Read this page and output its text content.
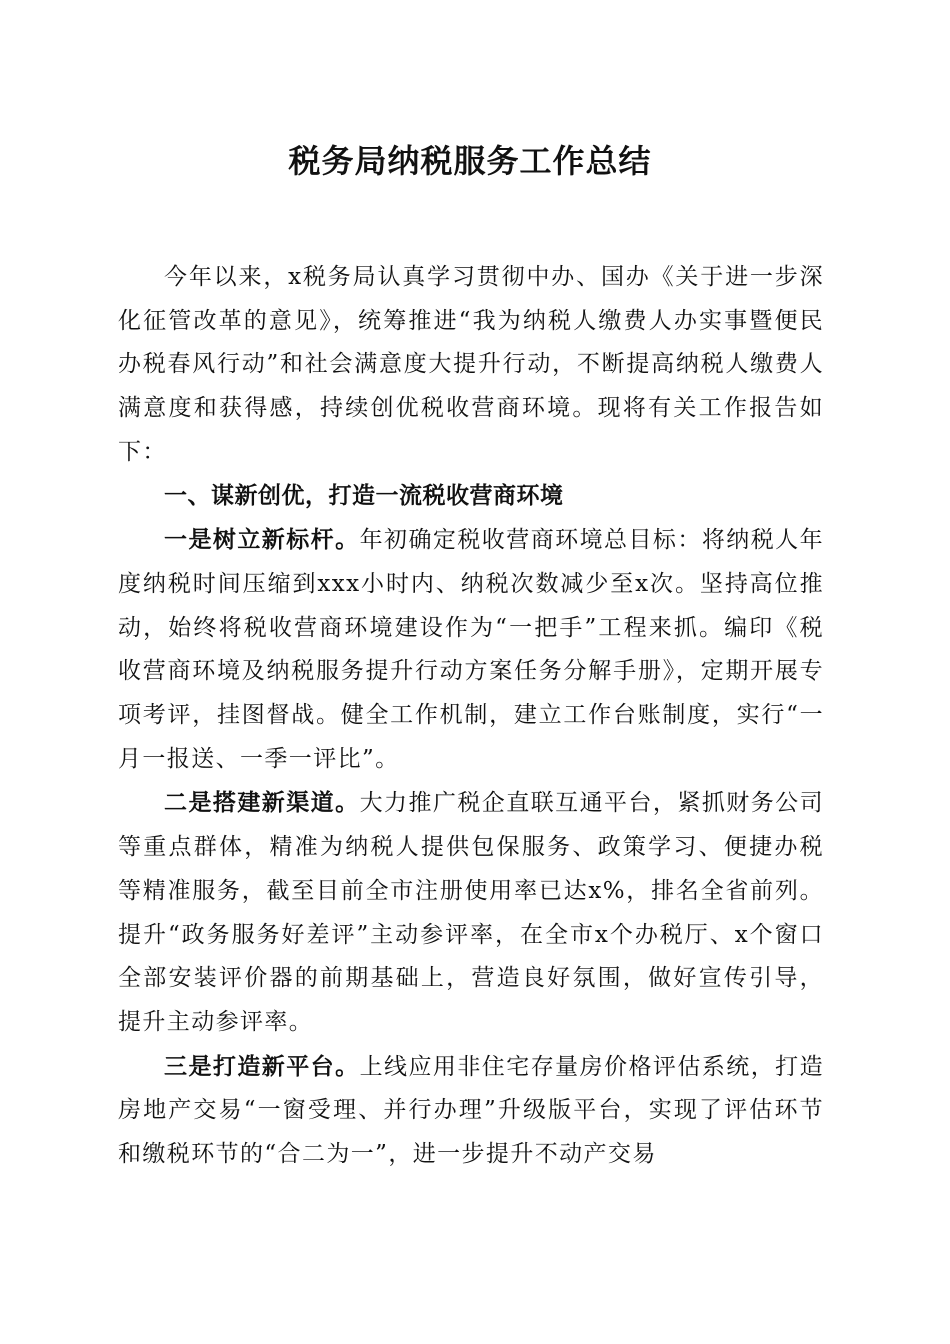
税务局纳税服务工作总结

今年以来，x税务局认真学习贯彻中办、国办《关于进一步深化征管改革的意见》，统筹推进“我为纳税人缴费人办实事暨便民办税春风行动”和社会满意度大提升行动，不断提高纳税人缴费人满意度和获得感，持续创优税收营商环境。现将有关工作报告如下：

一、谋新创优，打造一流税收营商环境

一是树立新标杆。年初确定税收营商环境总目标：将纳税人年度纳税时间压缩到xxx小时内、纳税次数减少至x次。坚持高位推动，始终将税收营商环境建设作为“一把手”工程来抓。编印《税收营商环境及纳税服务提升行动方案任务分解手册》，定期开展专项考评，挂图督战。健全工作机制，建立工作台账制度，实行“一月一报送、一季一评比”。

二是搭建新渠道。大力推广税企直联互通平台，紧抓财务公司等重点群体，精准为纳税人提供包保服务、政策学习、便捷办税等精准服务，截至目前全市注册使用率已达x%，排名全省前列。提升“政务服务好差评”主动参评率，在全市x个办税厅、x个窗口全部安装评价器的前期基础上，营造良好氛围，做好宣传引导，提升主动参评率。

三是打造新平台。上线应用非住宅存量房价格评估系统，打造房地产交易“一窗受理、并行办理”升级版平台，实现了评估环节和缴税环节的“合二为一”，进一步提升不动产交易
